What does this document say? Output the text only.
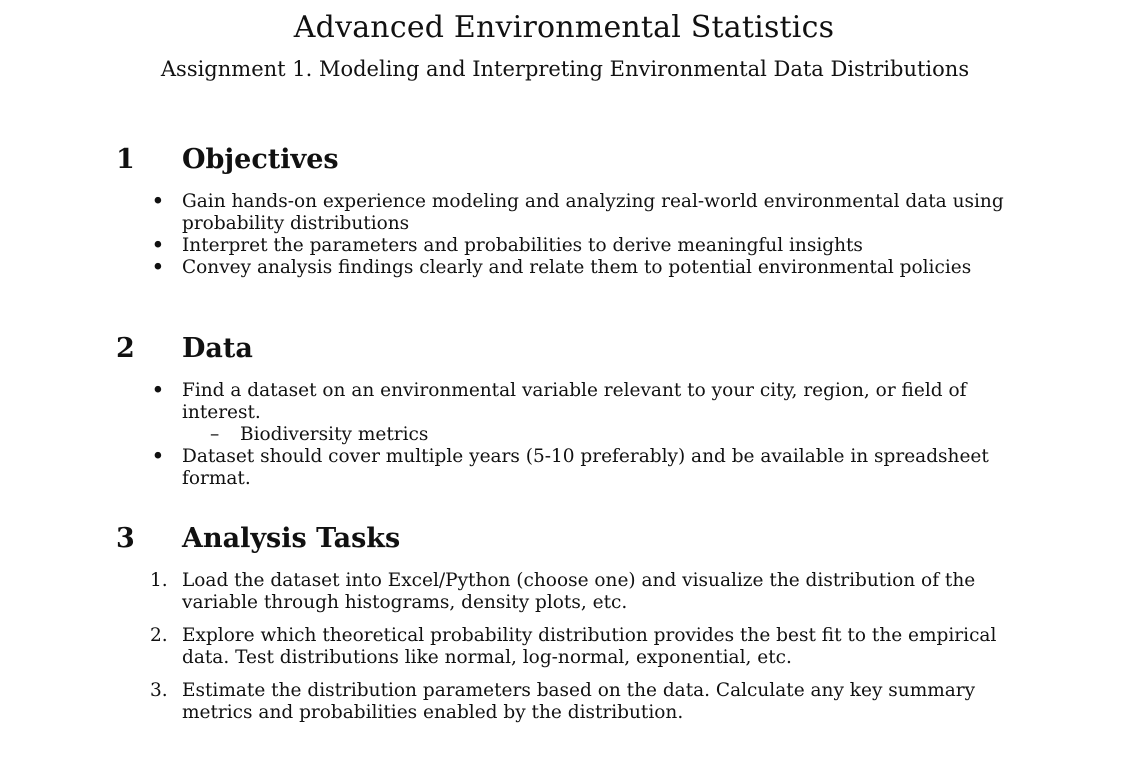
Advanced Environmental Statistics
Assignment 1. Modeling and Interpreting Environmental Data Distributions
1	Objectives
• Gain hands-on experience modeling and analyzing real-world environmental data using probability distributions
• Interpret the parameters and probabilities to derive meaningful insights
• Convey analysis findings clearly and relate them to potential environmental policies
2	Data
• Find a dataset on an environmental variable relevant to your city, region, or field of interest.
– Biodiversity metrics
• Dataset should cover multiple years (5-10 preferably) and be available in spreadsheet format.
3	Analysis Tasks
1. Load the dataset into Excel/Python (choose one) and visualize the distribution of the variable through histograms, density plots, etc.
2. Explore which theoretical probability distribution provides the best fit to the empirical data. Test distributions like normal, log-normal, exponential, etc.
3. Estimate the distribution parameters based on the data. Calculate any key summary metrics and probabilities enabled by the distribution.
